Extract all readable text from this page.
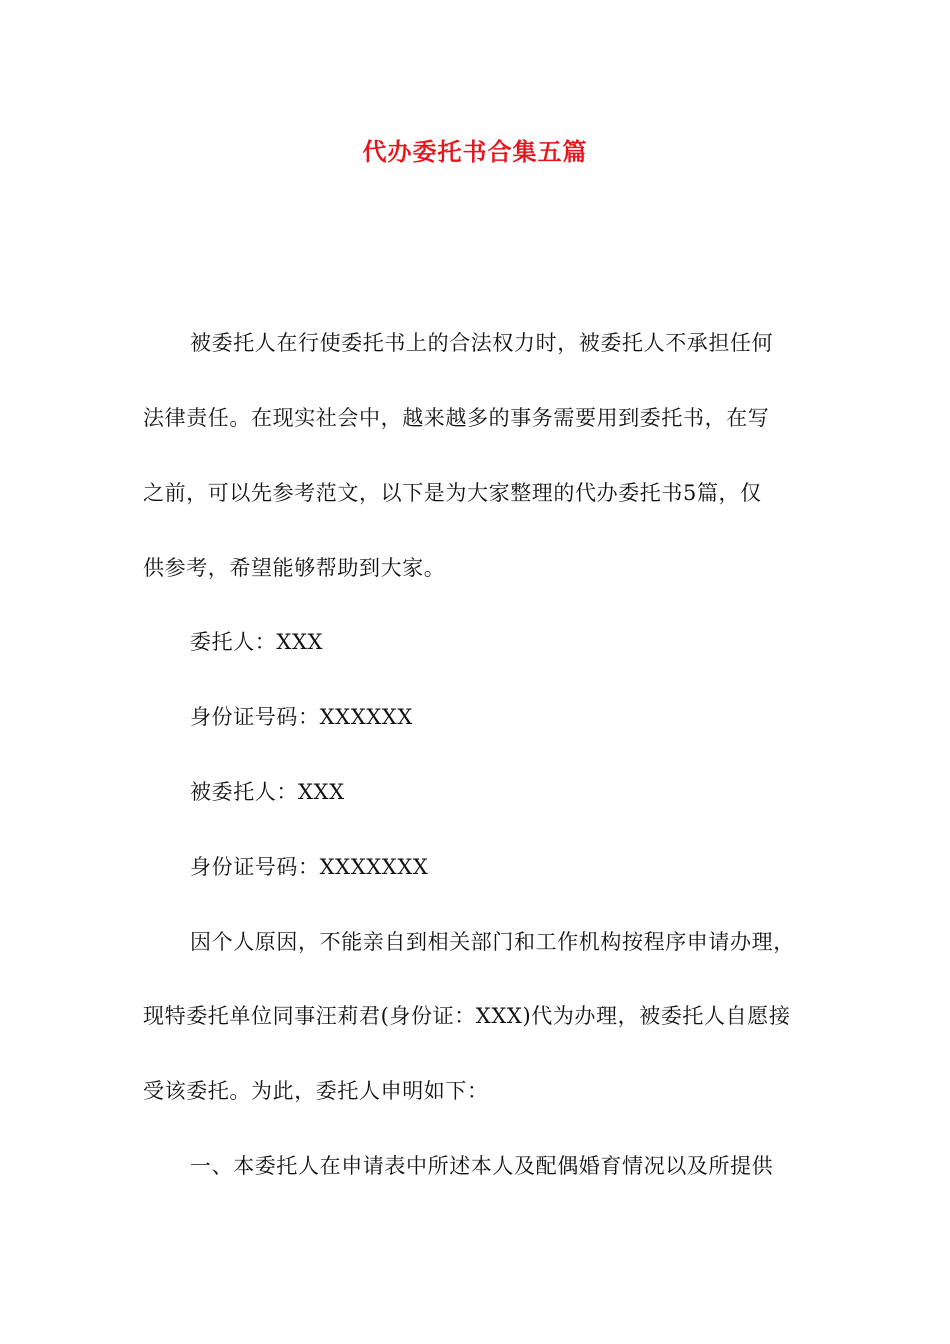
代办委托书合集五篇
被委托人在行使委托书上的合法权力时，被委托人不承担任何
法律责任。在现实社会中，越来越多的事务需要用到委托书，在写
之前，可以先参考范文，以下是为大家整理的代办委托书5篇，仅
供参考，希望能够帮助到大家。
委托人：XXX
身份证号码：XXXXXX
被委托人：XXX
身份证号码：XXXXXXX
因个人原因，不能亲自到相关部门和工作机构按程序申请办理，
现特委托单位同事汪莉君(身份证：XXX)代为办理，被委托人自愿接
受该委托。为此，委托人申明如下：
一、本委托人在申请表中所述本人及配偶婚育情况以及所提供
